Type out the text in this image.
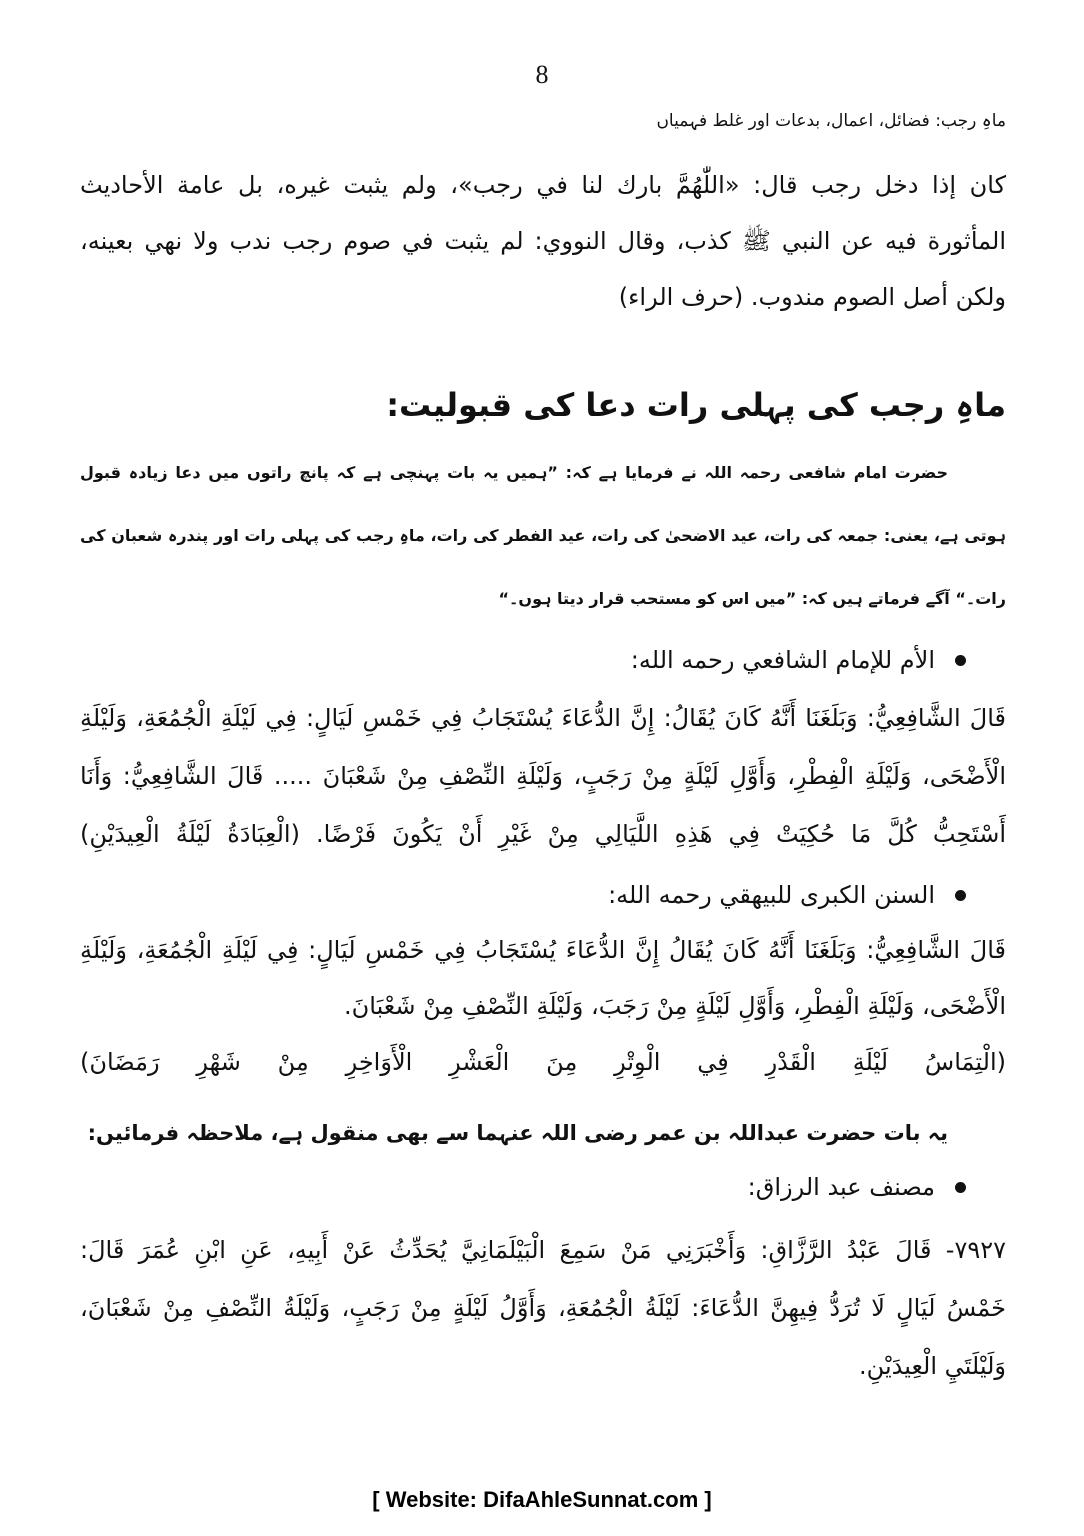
8
ماہِ رجب: فضائل، اعمال، بدعات اور غلط فہمیاں
كان إذا دخل رجب قال: «اللّٰهُمَّ بارك لنا في رجب»، ولم يثبت غيره، بل عامة الأحاديث
المأثورة فيه عن النبي ﷺ كذب، وقال النووي: لم يثبت في صوم رجب ندب ولا نهي بعينه،
ولكن أصل الصوم مندوب. (حرف الراء)
ماہِ رجب کی پہلی رات دعا کی قبولیت:
حضرت امام شافعی رحمہ اللہ نے فرمایا ہے کہ: ”ہمیں یہ بات پہنچی ہے کہ پانچ راتوں میں دعا زیادہ قبول
ہوتی ہے، یعنی: جمعہ کی رات، عید الاضحیٰ کی رات، عید الفطر کی رات، ماہِ رجب کی پہلی رات اور پندرہ شعبان کی
رات۔“ آگے فرماتے ہیں کہ: ”میں اس کو مستحب قرار دیتا ہوں۔“
الأم للإمام الشافعي رحمه الله:
قَالَ الشَّافِعِيُّ: وَبَلَغَنَا أَنَّهُ كَانَ يُقَالُ: إِنَّ الدُّعَاءَ يُسْتَجَابُ فِي خَمْسِ لَيَالٍ: فِي لَيْلَةِ الْجُمُعَةِ، وَلَيْلَةِ
الْأَضْحَى، وَلَيْلَةِ الْفِطْرِ، وَأَوَّلِ لَيْلَةٍ مِنْ رَجَبٍ، وَلَيْلَةِ النِّصْفِ مِنْ شَعْبَانَ ..... قَالَ الشَّافِعِيُّ: وَأَنَا
أَسْتَحِبُّ كُلَّ مَا حُكِيَتْ فِي هَذِهِ اللَّيَالِي مِنْ غَيْرِ أَنْ يَكُونَ فَرْضًا. (الْعِبَادَةُ لَيْلَةُ الْعِيدَيْنِ)
السنن الكبرى للبيهقي رحمه الله:
قَالَ الشَّافِعِيُّ: وَبَلَغَنَا أَنَّهُ كَانَ يُقَالُ إِنَّ الدُّعَاءَ يُسْتَجَابُ فِي خَمْسِ لَيَالٍ: فِي لَيْلَةِ الْجُمُعَةِ، وَلَيْلَةِ
الْأَضْحَى، وَلَيْلَةِ الْفِطْرِ، وَأَوَّلِ لَيْلَةٍ مِنْ رَجَبَ، وَلَيْلَةِ النِّصْفِ مِنْ شَعْبَانَ.
(الْتِمَاسُ لَيْلَةِ الْقَدْرِ فِي الْوِتْرِ مِنَ الْعَشْرِ الْأَوَاخِرِ مِنْ شَهْرِ رَمَضَانَ)
یہ بات حضرت عبداللہ بن عمر رضی اللہ عنہما سے بھی منقول ہے، ملاحظہ فرمائیں:
مصنف عبد الرزاق:
٧٩٢٧- قَالَ عَبْدُ الرَّزَّاقِ: وَأَخْبَرَنِي مَنْ سَمِعَ الْبَيْلَمَانِيَّ يُحَدِّثُ عَنْ أَبِيهِ، عَنِ ابْنِ عُمَرَ قَالَ:
خَمْسُ لَيَالٍ لَا تُرَدُّ فِيهِنَّ الدُّعَاءَ: لَيْلَةُ الْجُمُعَةِ، وَأَوَّلُ لَيْلَةٍ مِنْ رَجَبٍ، وَلَيْلَةُ النِّصْفِ مِنْ شَعْبَانَ،
وَلَيْلَتَيِ الْعِيدَيْنِ.
[ Website: DifaAhleSunnat.com ]
